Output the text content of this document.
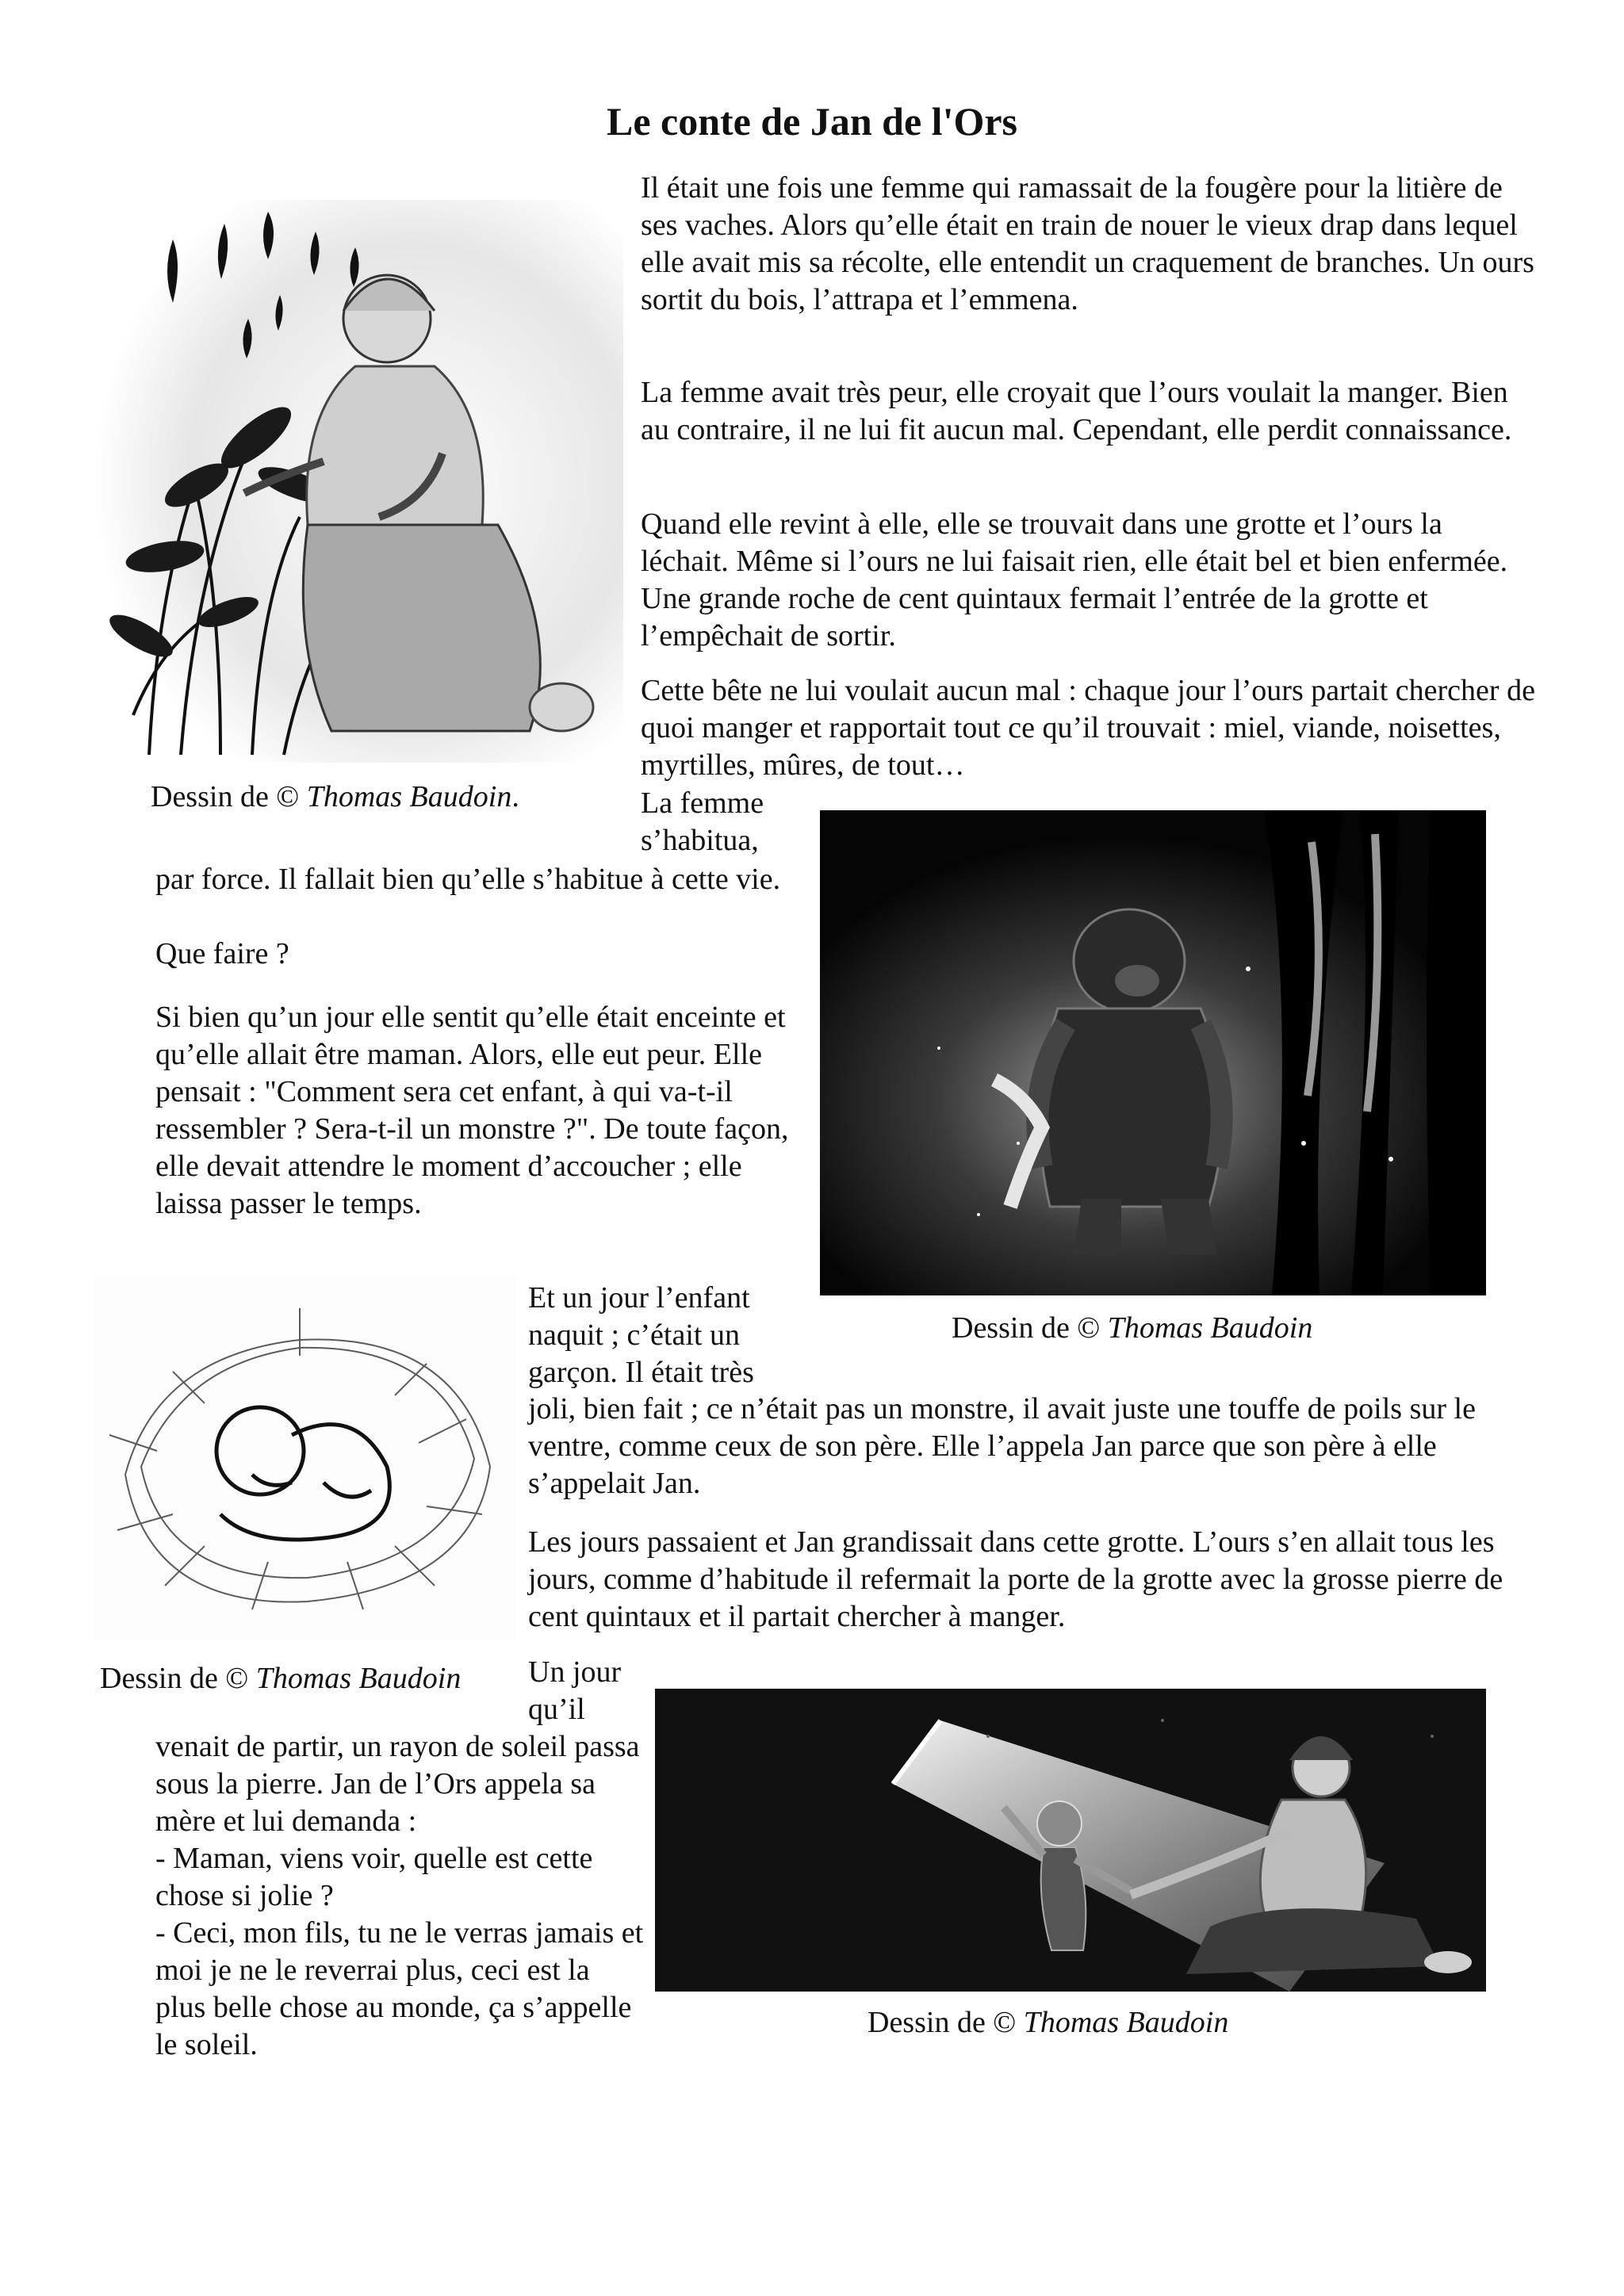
Le conte de Jan de l'Ors
Dessin de © Thomas Baudoin.

Il était une fois une femme qui ramassait de la fougère pour la litière de ses vaches. Alors qu’elle était en train de nouer le vieux drap dans lequel elle avait mis sa récolte, elle entendit un craquement de branches. Un ours sortit du bois, l’attrapa et l’emmena.

La femme avait très peur, elle croyait que l’ours voulait la manger. Bien au contraire, il ne lui fit aucun mal. Cependant, elle perdit connaissance.

Quand elle revint à elle, elle se trouvait dans une grotte et l’ours la léchait. Même si l’ours ne lui faisait rien, elle était bel et bien enfermée. Une grande roche de cent quintaux fermait l’entrée de la grotte et l’empêchait de sortir.

Cette bête ne lui voulait aucun mal : chaque jour l’ours partait chercher de quoi manger et rapportait tout ce qu’il trouvait : miel, viande, noisettes, myrtilles, mûres, de tout…

La femme s’habitua,

par force. Il fallait bien qu’elle s’habitue à cette vie.

Que faire ?

Dessin de © Thomas Baudoin

Si bien qu’un jour elle sentit qu’elle était enceinte et qu’elle allait être maman. Alors, elle eut peur. Elle pensait : "Comment sera cet enfant, à qui va-t-il ressembler ? Sera-t-il un monstre ?". De toute façon, elle devait attendre le moment d’accoucher ; elle laissa passer le temps.

Dessin de © Thomas Baudoin

Et un jour l’enfant naquit ; c’était un garçon. Il était très

joli, bien fait ; ce n’était pas un monstre, il avait juste une touffe de poils sur le ventre, comme ceux de son père. Elle l’appela Jan parce que son père à elle s’appelait Jan.

Les jours passaient et Jan grandissait dans cette grotte. L’ours s’en allait tous les jours, comme d’habitude il refermait la porte de la grotte avec la grosse pierre de cent quintaux et il partait chercher à manger.

Un jour qu’il

venait de partir, un rayon de soleil passa sous la pierre. Jan de l’Ors appela sa mère et lui demanda :

- Maman, viens voir, quelle est cette chose si jolie ?

- Ceci, mon fils, tu ne le verras jamais et moi je ne le reverrai plus, ceci est la plus belle chose au monde, ça s’appelle le soleil.

Dessin de © Thomas Baudoin
